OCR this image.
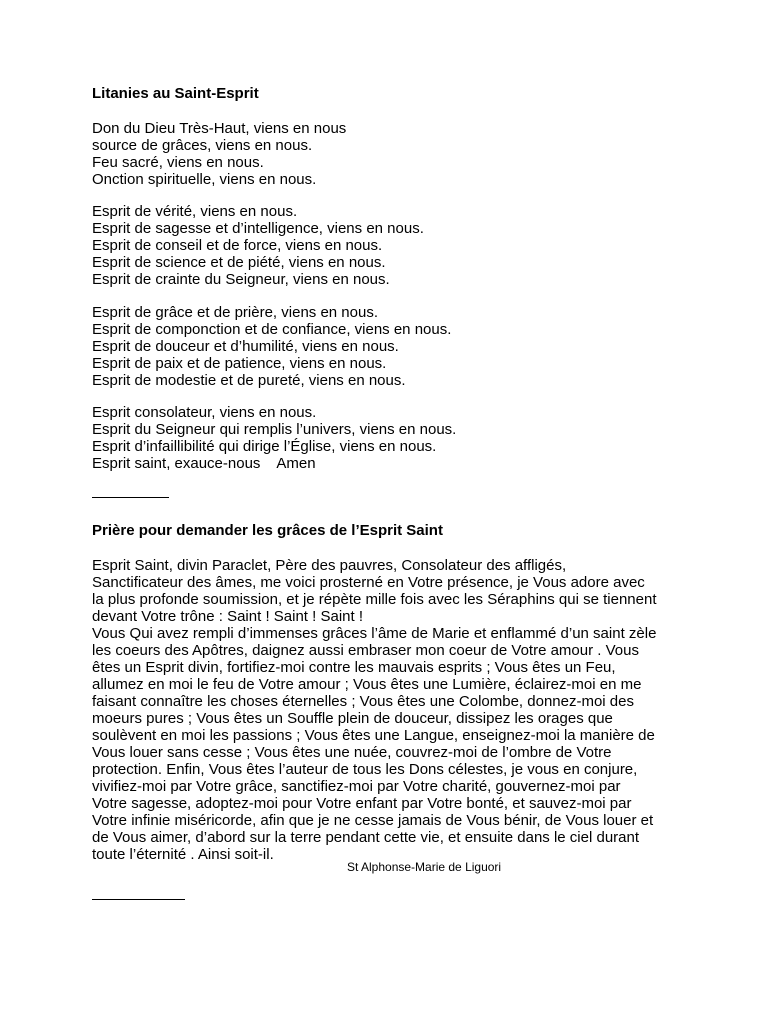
Litanies au Saint-Esprit
Don du Dieu Très-Haut, viens en nous
source de grâces, viens en nous.
Feu sacré, viens en nous.
Onction spirituelle, viens en nous.
Esprit de vérité, viens en nous.
Esprit de sagesse et d’intelligence, viens en nous.
Esprit de conseil et de force, viens en nous.
Esprit de science et de piété, viens en nous.
Esprit de crainte du Seigneur, viens en nous.
Esprit de grâce et de prière, viens en nous.
Esprit de componction et de confiance, viens en nous.
Esprit de douceur et d’humilité, viens en nous.
Esprit de paix et de patience, viens en nous.
Esprit de modestie et de pureté, viens en nous.
Esprit consolateur, viens en nous.
Esprit du Seigneur qui remplis l’univers, viens en nous.
Esprit d’infaillibilité qui dirige l’Église, viens en nous.
Esprit saint, exauce-nous Amen
Prière pour demander les grâces de l’Esprit Saint
Esprit Saint, divin Paraclet, Père des pauvres, Consolateur des affligés,
Sanctificateur des âmes, me voici prosterné en Votre présence, je Vous adore avec
la plus profonde soumission, et je répète mille fois avec les Séraphins qui se tiennent
devant Votre trône : Saint ! Saint ! Saint !
Vous Qui avez rempli d’immenses grâces l’âme de Marie et enflammé d’un saint zèle
les coeurs des Apôtres, daignez aussi embraser mon coeur de Votre amour . Vous
êtes un Esprit divin, fortifiez-moi contre les mauvais esprits ; Vous êtes un Feu,
allumez en moi le feu de Votre amour ; Vous êtes une Lumière, éclairez-moi en me
faisant connaître les choses éternelles ; Vous êtes une Colombe, donnez-moi des
moeurs pures ; Vous êtes un Souffle plein de douceur, dissipez les orages que
soulèvent en moi les passions ; Vous êtes une Langue, enseignez-moi la manière de
Vous louer sans cesse ; Vous êtes une nuée, couvrez-moi de l’ombre de Votre
protection. Enfin, Vous êtes l’auteur de tous les Dons célestes, je vous en conjure,
vivifiez-moi par Votre grâce, sanctifiez-moi par Votre charité, gouvernez-moi par
Votre sagesse, adoptez-moi pour Votre enfant par Votre bonté, et sauvez-moi par
Votre infinie miséricorde, afin que je ne cesse jamais de Vous bénir, de Vous louer et
de Vous aimer, d’abord sur la terre pendant cette vie, et ensuite dans le ciel durant
toute l’éternité . Ainsi soit-il.
St Alphonse-Marie de Liguori
